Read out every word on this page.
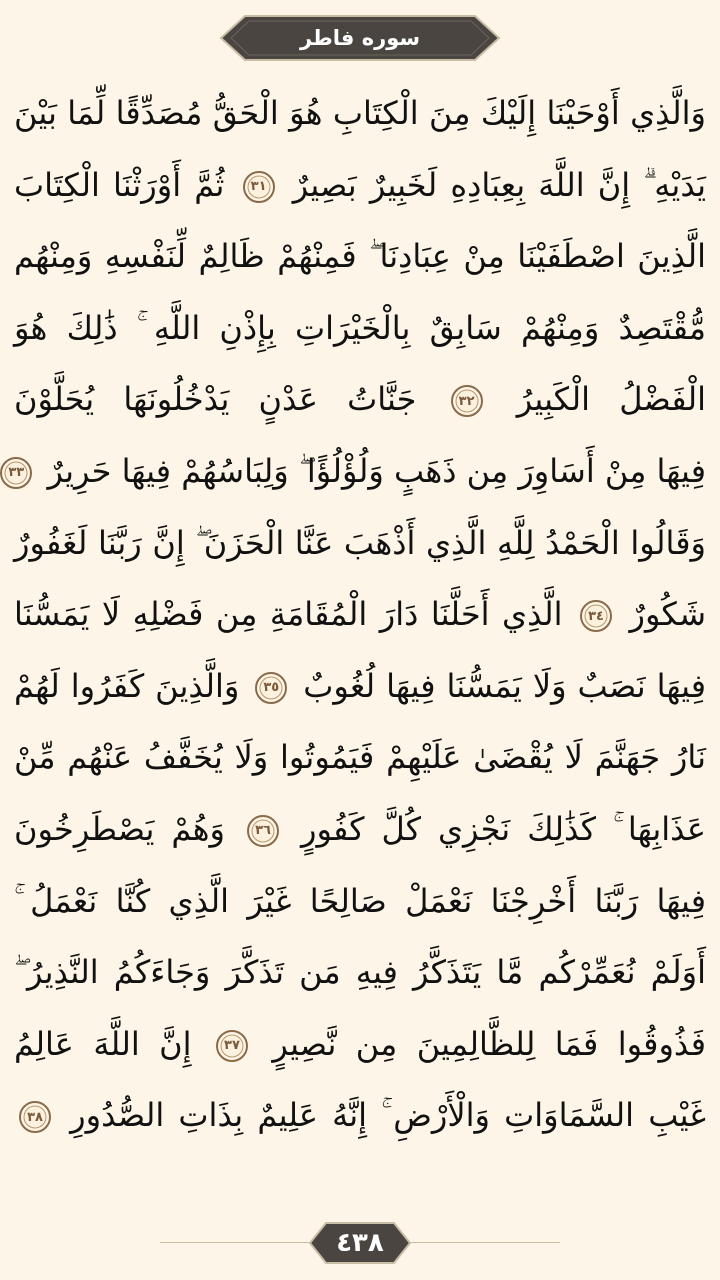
سوره فاطر
وَالَّذِي أَوْحَيْنَا إِلَيْكَ مِنَ الْكِتَابِ هُوَ الْحَقُّ مُصَدِّقًا لِّمَا بَيْنَ
يَدَيْهِ ۗ إِنَّ اللَّهَ بِعِبَادِهِ لَخَبِيرٌ بَصِيرٌ
٣١
ثُمَّ أَوْرَثْنَا الْكِتَابَ
الَّذِينَ اصْطَفَيْنَا مِنْ عِبَادِنَا ۖ فَمِنْهُمْ ظَالِمٌ لِّنَفْسِهِ وَمِنْهُم
مُّقْتَصِدٌ وَمِنْهُمْ سَابِقٌ بِالْخَيْرَاتِ بِإِذْنِ اللَّهِ ۚ ذَٰلِكَ هُوَ
الْفَضْلُ الْكَبِيرُ
٣٢
جَنَّاتُ عَدْنٍ يَدْخُلُونَهَا يُحَلَّوْنَ
فِيهَا مِنْ أَسَاوِرَ مِن ذَهَبٍ وَلُؤْلُؤًا ۖ وَلِبَاسُهُمْ فِيهَا حَرِيرٌ
٣٣
وَقَالُوا الْحَمْدُ لِلَّهِ الَّذِي أَذْهَبَ عَنَّا الْحَزَنَ ۖ إِنَّ رَبَّنَا لَغَفُورٌ
شَكُورٌ
٣٤
الَّذِي أَحَلَّنَا دَارَ الْمُقَامَةِ مِن فَضْلِهِ لَا يَمَسُّنَا
فِيهَا نَصَبٌ وَلَا يَمَسُّنَا فِيهَا لُغُوبٌ
٣٥
وَالَّذِينَ كَفَرُوا لَهُمْ
نَارُ جَهَنَّمَ لَا يُقْضَىٰ عَلَيْهِمْ فَيَمُوتُوا وَلَا يُخَفَّفُ عَنْهُم مِّنْ
عَذَابِهَا ۚ كَذَٰلِكَ نَجْزِي كُلَّ كَفُورٍ
٣٦
وَهُمْ يَصْطَرِخُونَ
فِيهَا رَبَّنَا أَخْرِجْنَا نَعْمَلْ صَالِحًا غَيْرَ الَّذِي كُنَّا نَعْمَلُ ۚ
أَوَلَمْ نُعَمِّرْكُم مَّا يَتَذَكَّرُ فِيهِ مَن تَذَكَّرَ وَجَاءَكُمُ النَّذِيرُ ۖ
فَذُوقُوا فَمَا لِلظَّالِمِينَ مِن نَّصِيرٍ
٣٧
إِنَّ اللَّهَ عَالِمُ
غَيْبِ السَّمَاوَاتِ وَالْأَرْضِ ۚ إِنَّهُ عَلِيمٌ بِذَاتِ الصُّدُورِ
٣٨
٤٣٨
